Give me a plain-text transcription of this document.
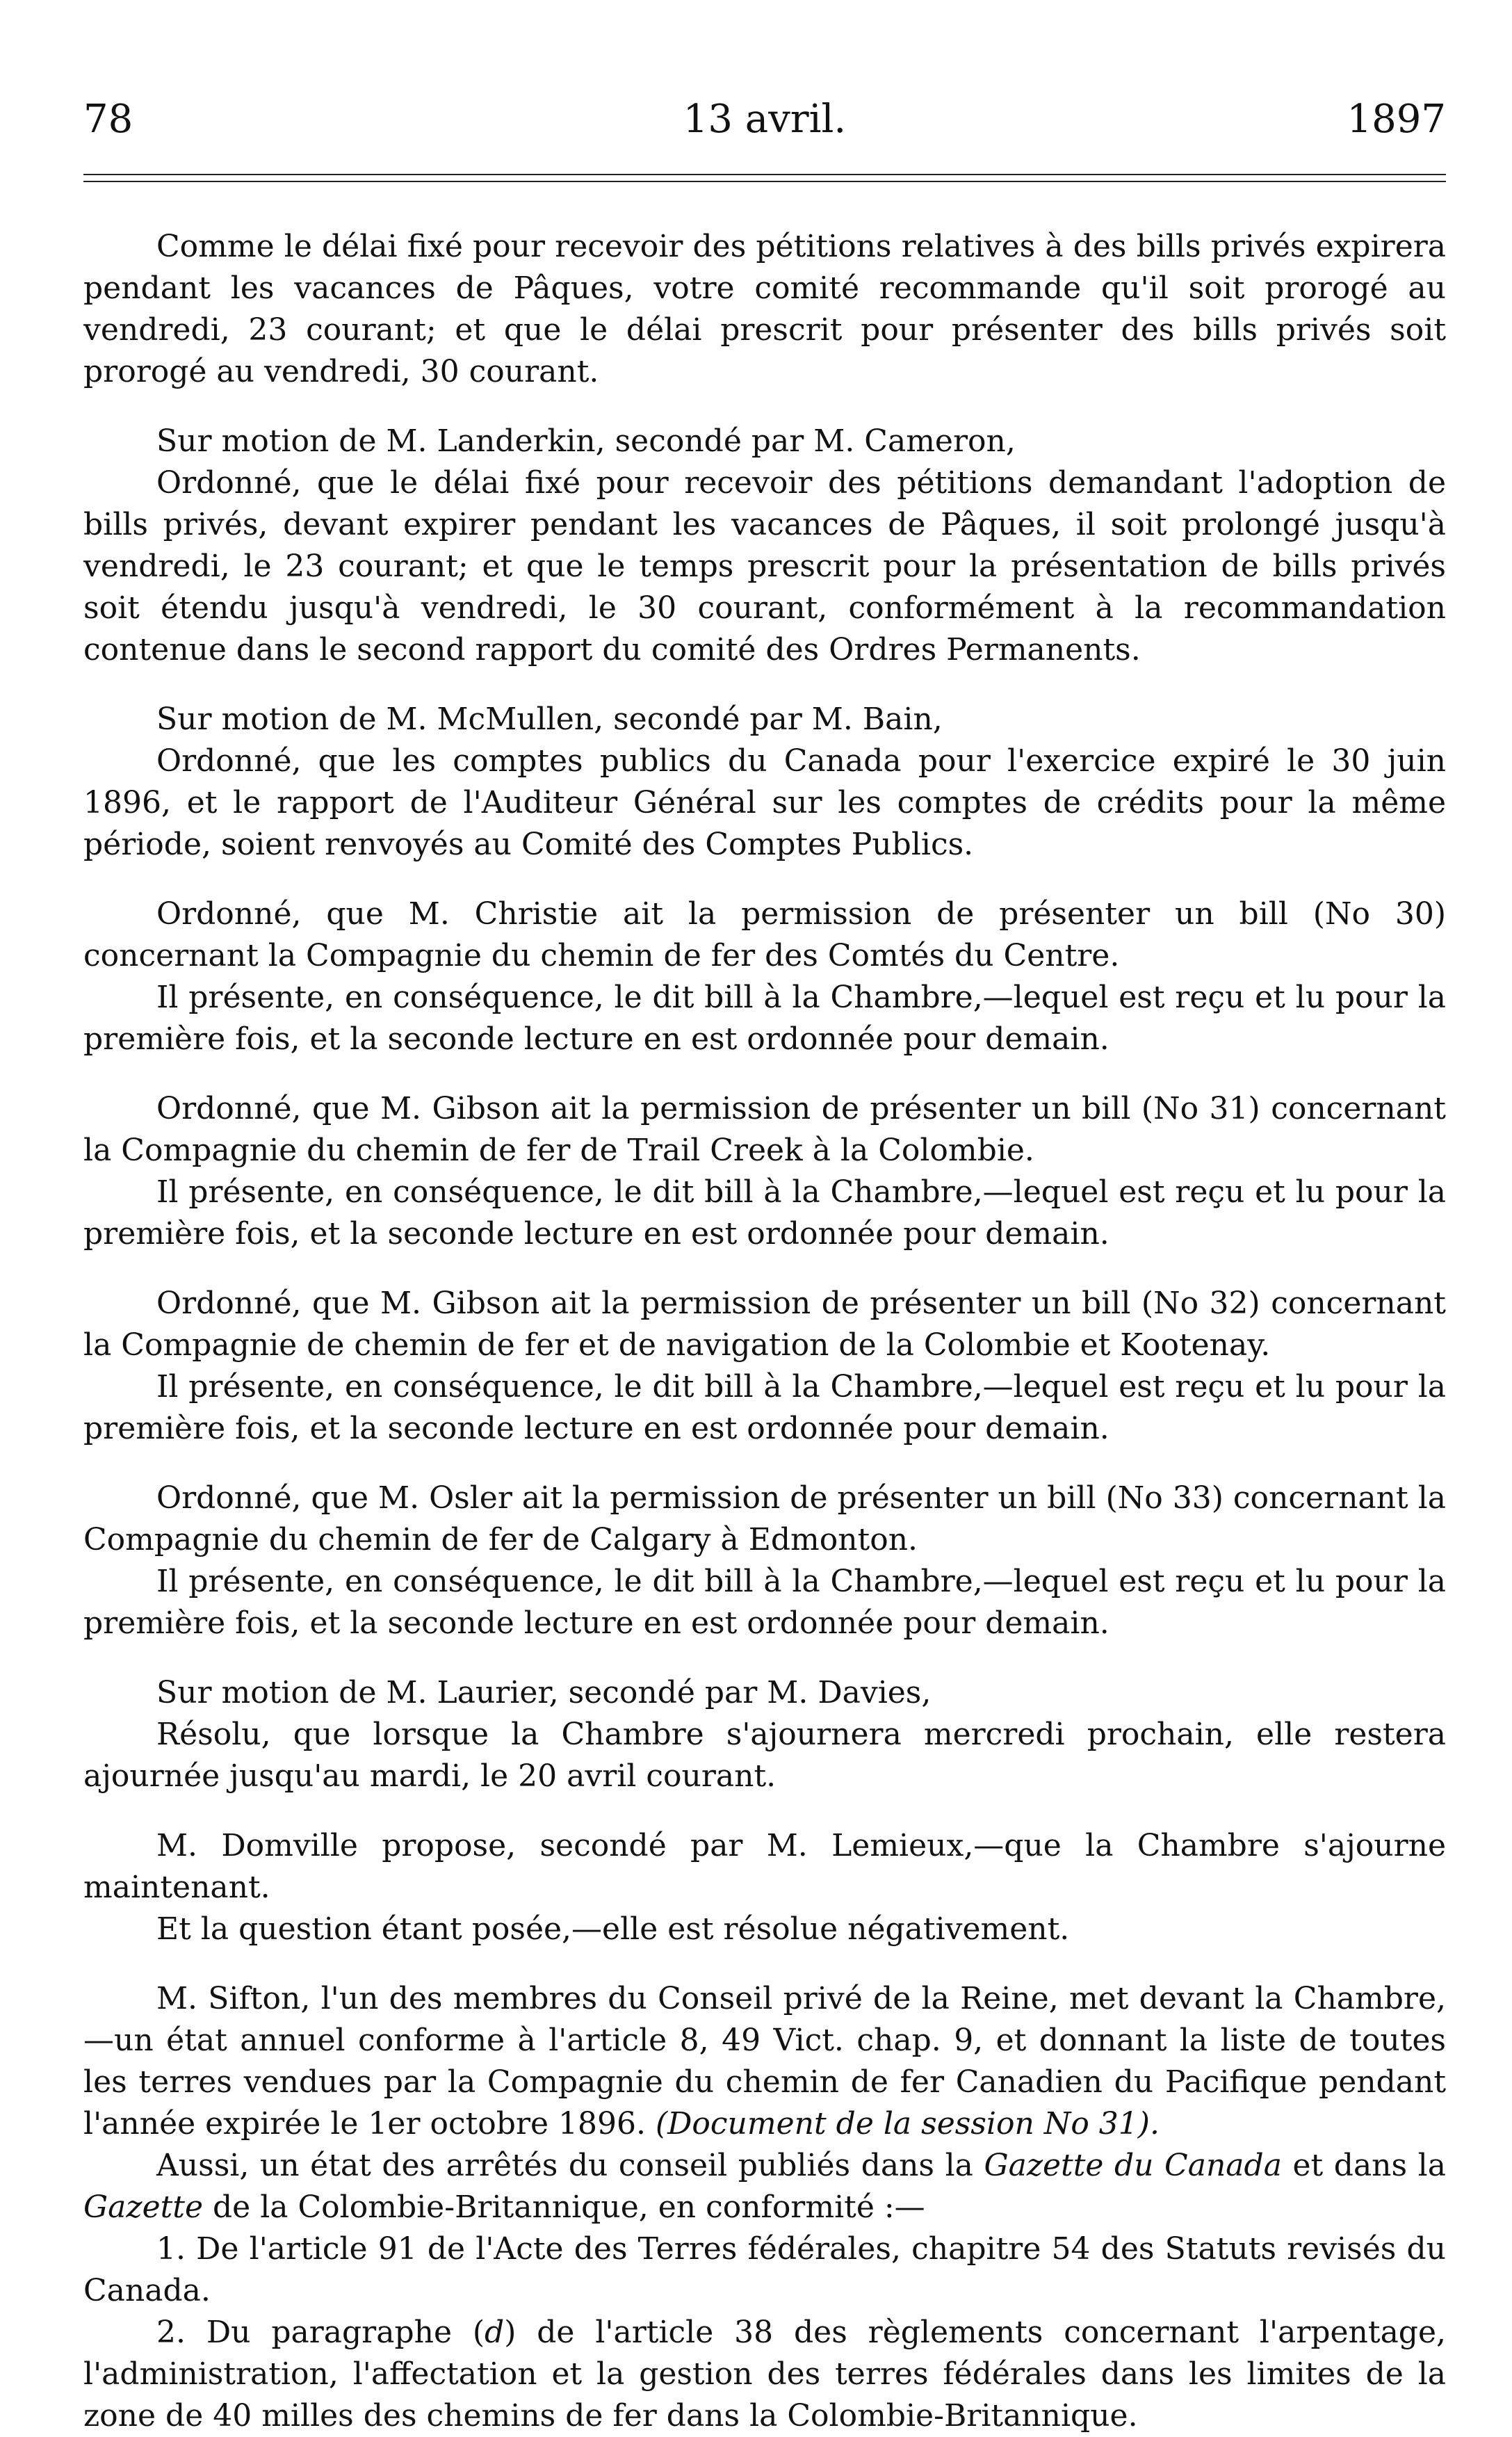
13 avril.
78	1897

Comme le délai fixé pour recevoir des pétitions relatives à des bills privés expirera pendant les vacances de Pâques, votre comité recommande qu'il soit prorogé au vendredi, 23 courant; et que le délai prescrit pour présenter des bills privés soit prorogé au vendredi, 30 courant.

Sur motion de M. Landerkin, secondé par M. Cameron,

Ordonné, que le délai fixé pour recevoir des pétitions demandant l'adoption de bills privés, devant expirer pendant les vacances de Pâques, il soit prolongé jusqu'à vendredi, le 23 courant; et que le temps prescrit pour la présentation de bills privés soit étendu jusqu'à vendredi, le 30 courant, conformément à la recommandation contenue dans le second rapport du comité des Ordres Permanents.

Sur motion de M. McMullen, secondé par M. Bain,

Ordonné, que les comptes publics du Canada pour l'exercice expiré le 30 juin 1896, et le rapport de l'Auditeur Général sur les comptes de crédits pour la même période, soient renvoyés au Comité des Comptes Publics.

Ordonné, que M. Christie ait la permission de présenter un bill (No 30) concernant la Compagnie du chemin de fer des Comtés du Centre.

Il présente, en conséquence, le dit bill à la Chambre,—lequel est reçu et lu pour la première fois, et la seconde lecture en est ordonnée pour demain.

Ordonné, que M. Gibson ait la permission de présenter un bill (No 31) concernant la Compagnie du chemin de fer de Trail Creek à la Colombie.

Il présente, en conséquence, le dit bill à la Chambre,—lequel est reçu et lu pour la première fois, et la seconde lecture en est ordonnée pour demain.

Ordonné, que M. Gibson ait la permission de présenter un bill (No 32) concernant la Compagnie de chemin de fer et de navigation de la Colombie et Kootenay.

Il présente, en conséquence, le dit bill à la Chambre,—lequel est reçu et lu pour la première fois, et la seconde lecture en est ordonnée pour demain.

Ordonné, que M. Osler ait la permission de présenter un bill (No 33) concernant la Compagnie du chemin de fer de Calgary à Edmonton.

Il présente, en conséquence, le dit bill à la Chambre,—lequel est reçu et lu pour la première fois, et la seconde lecture en est ordonnée pour demain.

Sur motion de M. Laurier, secondé par M. Davies,

Résolu, que lorsque la Chambre s'ajournera mercredi prochain, elle restera ajournée jusqu'au mardi, le 20 avril courant.

M. Domville propose, secondé par M. Lemieux,—que la Chambre s'ajourne maintenant.

Et la question étant posée,—elle est résolue négativement.

M. Sifton, l'un des membres du Conseil privé de la Reine, met devant la Chambre,—un état annuel conforme à l'article 8, 49 Vict. chap. 9, et donnant la liste de toutes les terres vendues par la Compagnie du chemin de fer Canadien du Pacifique pendant l'année expirée le 1er octobre 1896. (Document de la session No 31).

Aussi, un état des arrêtés du conseil publiés dans la Gazette du Canada et dans la Gazette de la Colombie-Britannique, en conformité :—

1. De l'article 91 de l'Acte des Terres fédérales, chapitre 54 des Statuts revisés du Canada.

2. Du paragraphe (d) de l'article 38 des règlements concernant l'arpentage, l'administration, l'affectation et la gestion des terres fédérales dans les limites de la zone de 40 milles des chemins de fer dans la Colombie-Britannique.
